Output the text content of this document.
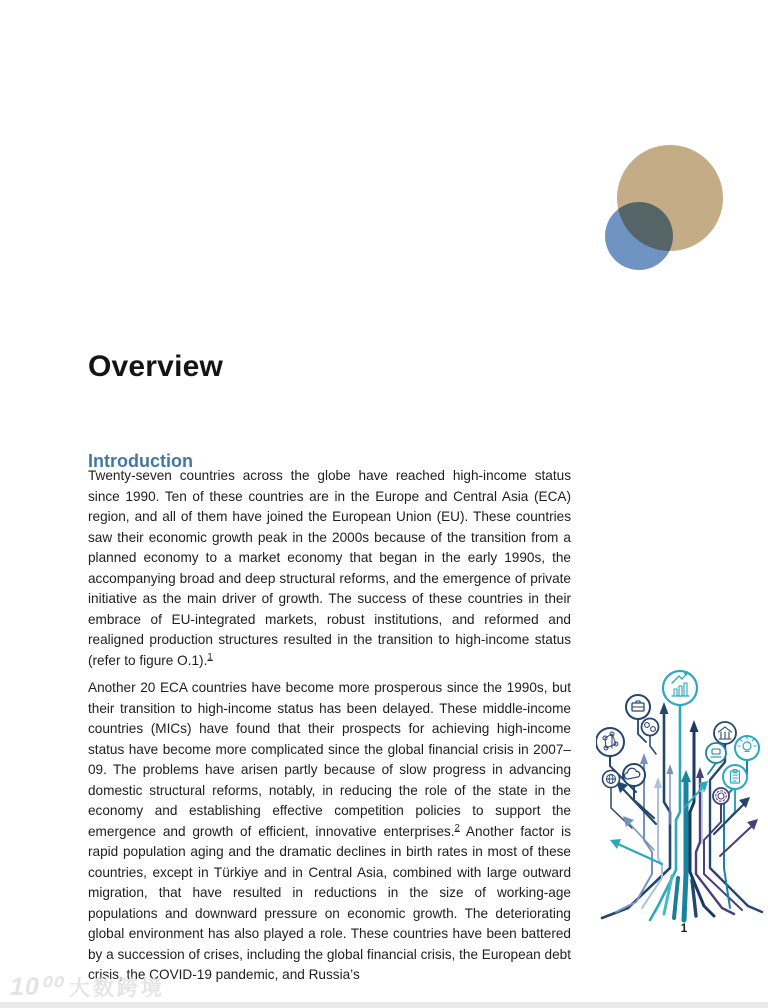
Overview
Introduction

Twenty-seven countries across the globe have reached high-income status since 1990. Ten of these countries are in the Europe and Central Asia (ECA) region, and all of them have joined the European Union (EU). These countries saw their economic growth peak in the 2000s because of the transition from a planned economy to a market economy that began in the early 1990s, the accompanying broad and deep structural reforms, and the emergence of private initiative as the main driver of growth. The success of these countries in their embrace of EU-integrated markets, robust institutions, and reformed and realigned production structures resulted in the transition to high-income status (refer to figure O.1).$^1$

Another 20 ECA countries have become more prosperous since the 1990s, but their transition to high-income status has been delayed. These middle-income countries (MICs) have found that their prospects for achieving high-income status have become more complicated since the global financial crisis in 2007–09. The problems have arisen partly because of slow progress in advancing domestic structural reforms, notably, in reducing the role of the state in the economy and establishing effective competition policies to support the emergence and growth of efficient, innovative enterprises.$^2$ Another factor is rapid population aging and the dramatic declines in birth rates in most of these countries, except in Türkiye and in Central Asia, combined with large outward migration, that have resulted in reductions in the size of working-age populations and downward pressure on economic growth. The deteriorating global environment has also played a role. These countries have been battered by a succession of crises, including the global financial crisis, the European debt crisis, the COVID-19 pandemic, and Russia’s

1
10⁰⁰ 大数跨境
